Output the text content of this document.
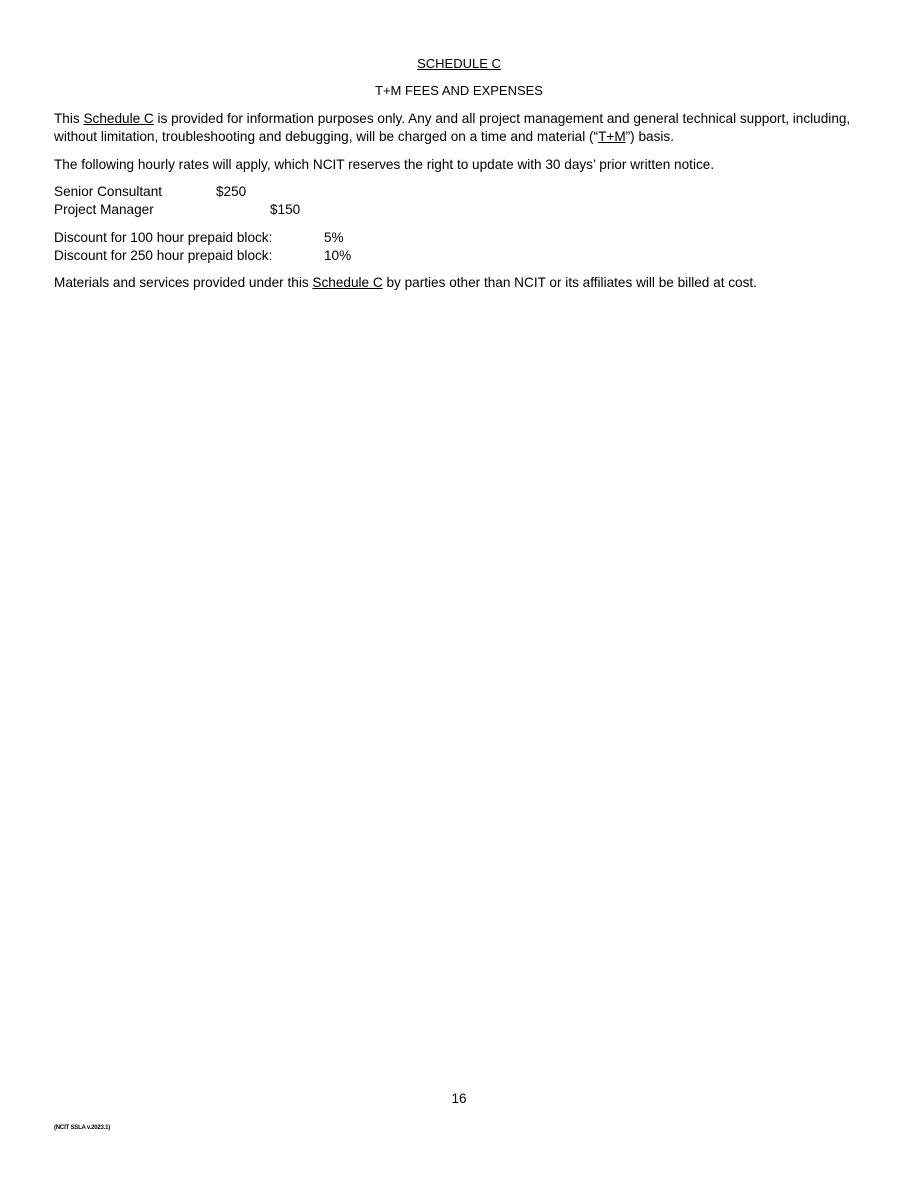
SCHEDULE C
T+M FEES AND EXPENSES

This Schedule C is provided for information purposes only. Any and all project management and general technical support, including, without limitation, troubleshooting and debugging, will be charged on a time and material (“T+M”) basis.

The following hourly rates will apply, which NCIT reserves the right to update with 30 days’ prior written notice.

Senior Consultant	$250
Project Manager	$150
Discount for 100 hour prepaid block:	5%
Discount for 250 hour prepaid block:	10%

Materials and services provided under this Schedule C by parties other than NCIT or its affiliates will be billed at cost.

16
(NCIT SSLA v.2023.1)
